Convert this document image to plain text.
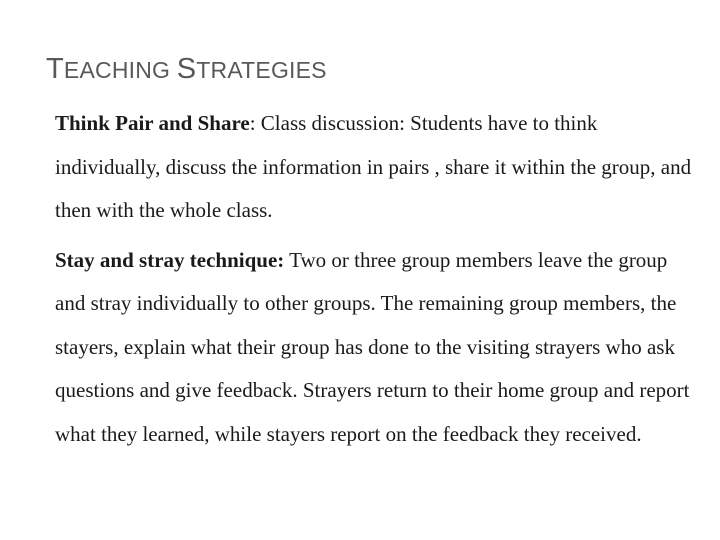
TEACHING STRATEGIES

Think Pair and Share: Class discussion: Students have to think individually, discuss the information in pairs , share it within the group, and then with the whole class.

Stay and stray technique: Two or three group members leave the group and stray individually to other groups. The remaining group members, the stayers, explain what their group has done to the visiting strayers who ask questions and give feedback. Strayers return to their home group and report what they learned, while stayers report on the feedback they received.
